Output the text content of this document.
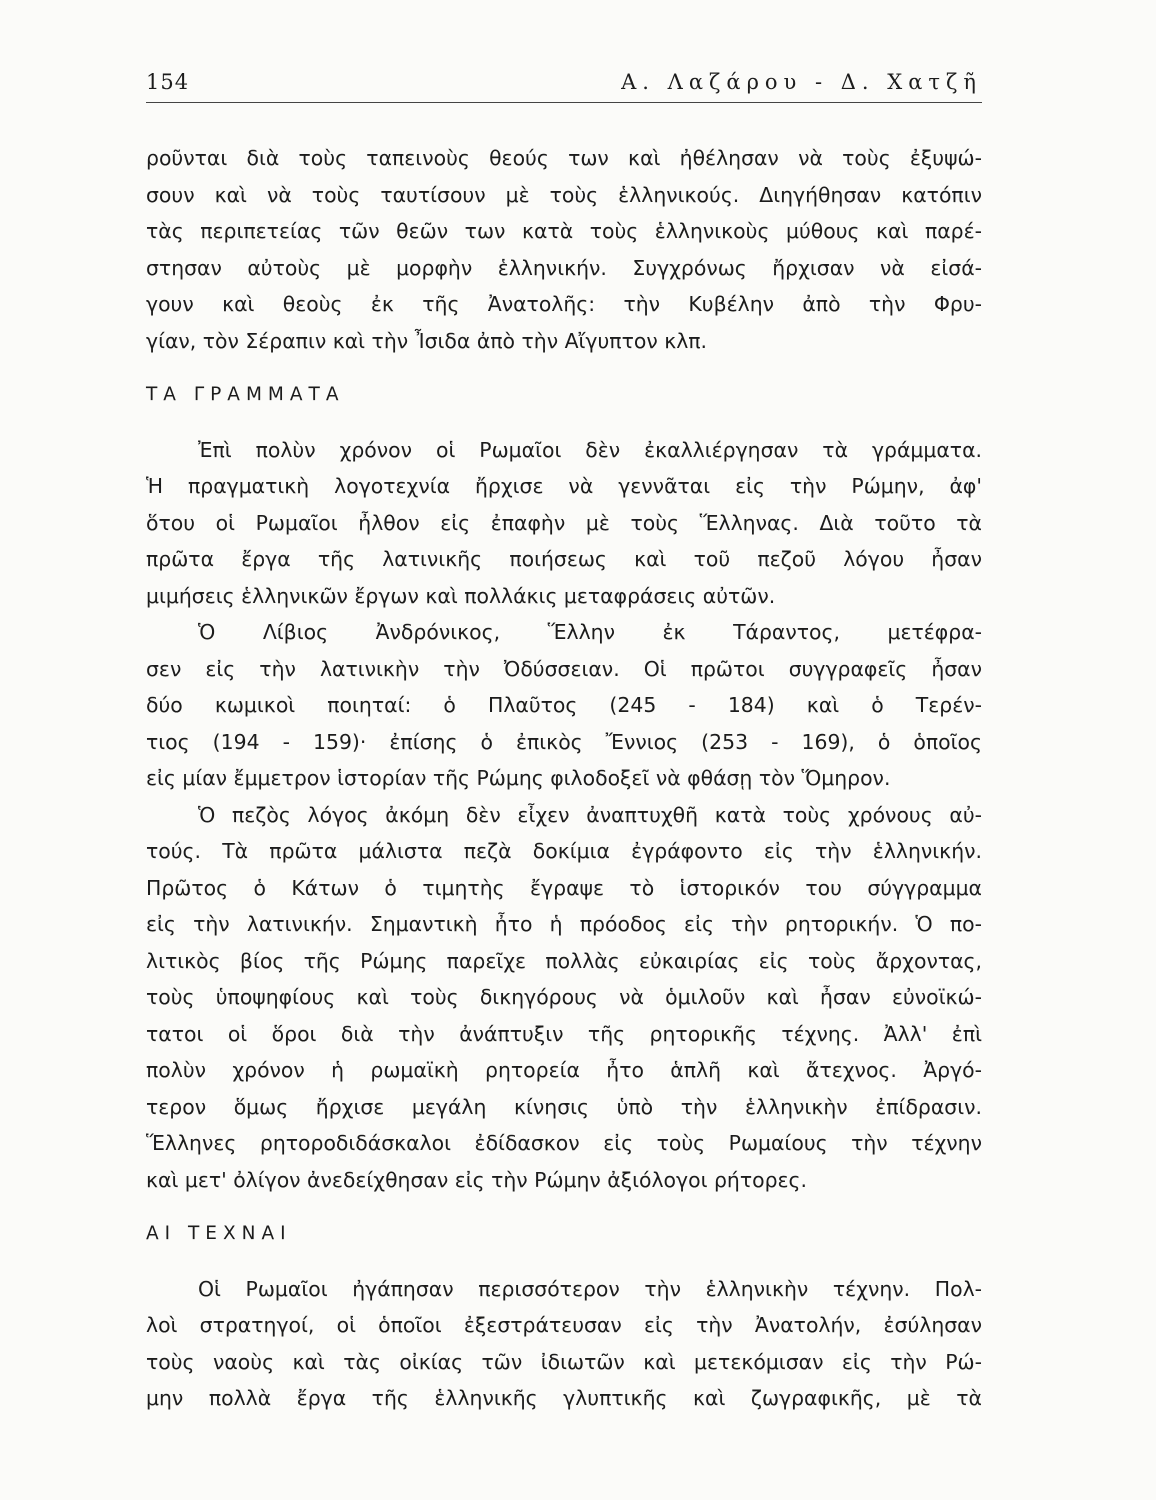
154	Α. Λαζάρου - Δ. Χατζῆ
ροῦνται διὰ τοὺς ταπεινοὺς θεούς των καὶ ἠθέλησαν νὰ τοὺς ἐξυψώ-
σουν καὶ νὰ τοὺς ταυτίσουν μὲ τοὺς ἑλληνικούς. Διηγήθησαν κατόπιν
τὰς περιπετείας τῶν θεῶν των κατὰ τοὺς ἑλληνικοὺς μύθους καὶ παρέ-
στησαν αὐτοὺς μὲ μορφὴν ἑλληνικήν. Συγχρόνως ἤρχισαν νὰ εἰσά-
γουν καὶ θεοὺς ἐκ τῆς Ἀνατολῆς: τὴν Κυβέλην ἀπὸ τὴν Φρυ-
γίαν, τὸν Σέραπιν καὶ τὴν Ἶσιδα ἀπὸ τὴν Αἴγυπτον κλπ.
ΤΑ ΓΡΑΜΜΑΤΑ
Ἐπὶ πολὺν χρόνον οἱ Ρωμαῖοι δὲν ἐκαλλιέργησαν τὰ γράμματα.
Ἡ πραγματικὴ λογοτεχνία ἤρχισε νὰ γεννᾶται εἰς τὴν Ρώμην, ἀφ'
ὅτου οἱ Ρωμαῖοι ἦλθον εἰς ἐπαφὴν μὲ τοὺς Ἕλληνας. Διὰ τοῦτο τὰ
πρῶτα ἔργα τῆς λατινικῆς ποιήσεως καὶ τοῦ πεζοῦ λόγου ἦσαν
μιμήσεις ἑλληνικῶν ἔργων καὶ πολλάκις μεταφράσεις αὐτῶν.
Ὁ Λίβιος Ἀνδρόνικος, Ἕλλην ἐκ Τάραντος, μετέφρα-
σεν εἰς τὴν λατινικὴν τὴν Ὀδύσσειαν. Οἱ πρῶτοι συγγραφεῖς ἦσαν
δύο κωμικοὶ ποιηταί: ὁ Πλαῦτος (245 - 184) καὶ ὁ Τερέν-
τιος (194 - 159)· ἐπίσης ὁ ἐπικὸς Ἔννιος (253 - 169), ὁ ὁποῖος
εἰς μίαν ἔμμετρον ἱστορίαν τῆς Ρώμης φιλοδοξεῖ νὰ φθάσῃ τὸν Ὅμηρον.
Ὁ πεζὸς λόγος ἀκόμη δὲν εἶχεν ἀναπτυχθῆ κατὰ τοὺς χρόνους αὐ-
τούς. Τὰ πρῶτα μάλιστα πεζὰ δοκίμια ἐγράφοντο εἰς τὴν ἑλληνικήν.
Πρῶτος ὁ Κάτων ὁ τιμητὴς ἔγραψε τὸ ἱστορικόν του σύγγραμμα
εἰς τὴν λατινικήν. Σημαντικὴ ἦτο ἡ πρόοδος εἰς τὴν ρητορικήν. Ὁ πο-
λιτικὸς βίος τῆς Ρώμης παρεῖχε πολλὰς εὐκαιρίας εἰς τοὺς ἄρχοντας,
τοὺς ὑποψηφίους καὶ τοὺς δικηγόρους νὰ ὁμιλοῦν καὶ ἦσαν εὐνοϊκώ-
τατοι οἱ ὅροι διὰ τὴν ἀνάπτυξιν τῆς ρητορικῆς τέχνης. Ἀλλ' ἐπὶ
πολὺν χρόνον ἡ ρωμαϊκὴ ρητορεία ἦτο ἁπλῆ καὶ ἄτεχνος. Ἀργό-
τερον ὅμως ἤρχισε μεγάλη κίνησις ὑπὸ τὴν ἑλληνικὴν ἐπίδρασιν.
Ἕλληνες ρητοροδιδάσκαλοι ἐδίδασκον εἰς τοὺς Ρωμαίους τὴν τέχνην
καὶ μετ' ὀλίγον ἀνεδείχθησαν εἰς τὴν Ρώμην ἀξιόλογοι ρήτορες.
ΑΙ ΤΕΧΝΑΙ
Οἱ Ρωμαῖοι ἠγάπησαν περισσότερον τὴν ἑλληνικὴν τέχνην. Πολ-
λοὶ στρατηγοί, οἱ ὁποῖοι ἐξεστράτευσαν εἰς τὴν Ἀνατολήν, ἐσύλησαν
τοὺς ναοὺς καὶ τὰς οἰκίας τῶν ἰδιωτῶν καὶ μετεκόμισαν εἰς τὴν Ρώ-
μην πολλὰ ἔργα τῆς ἑλληνικῆς γλυπτικῆς καὶ ζωγραφικῆς, μὲ τὰ
